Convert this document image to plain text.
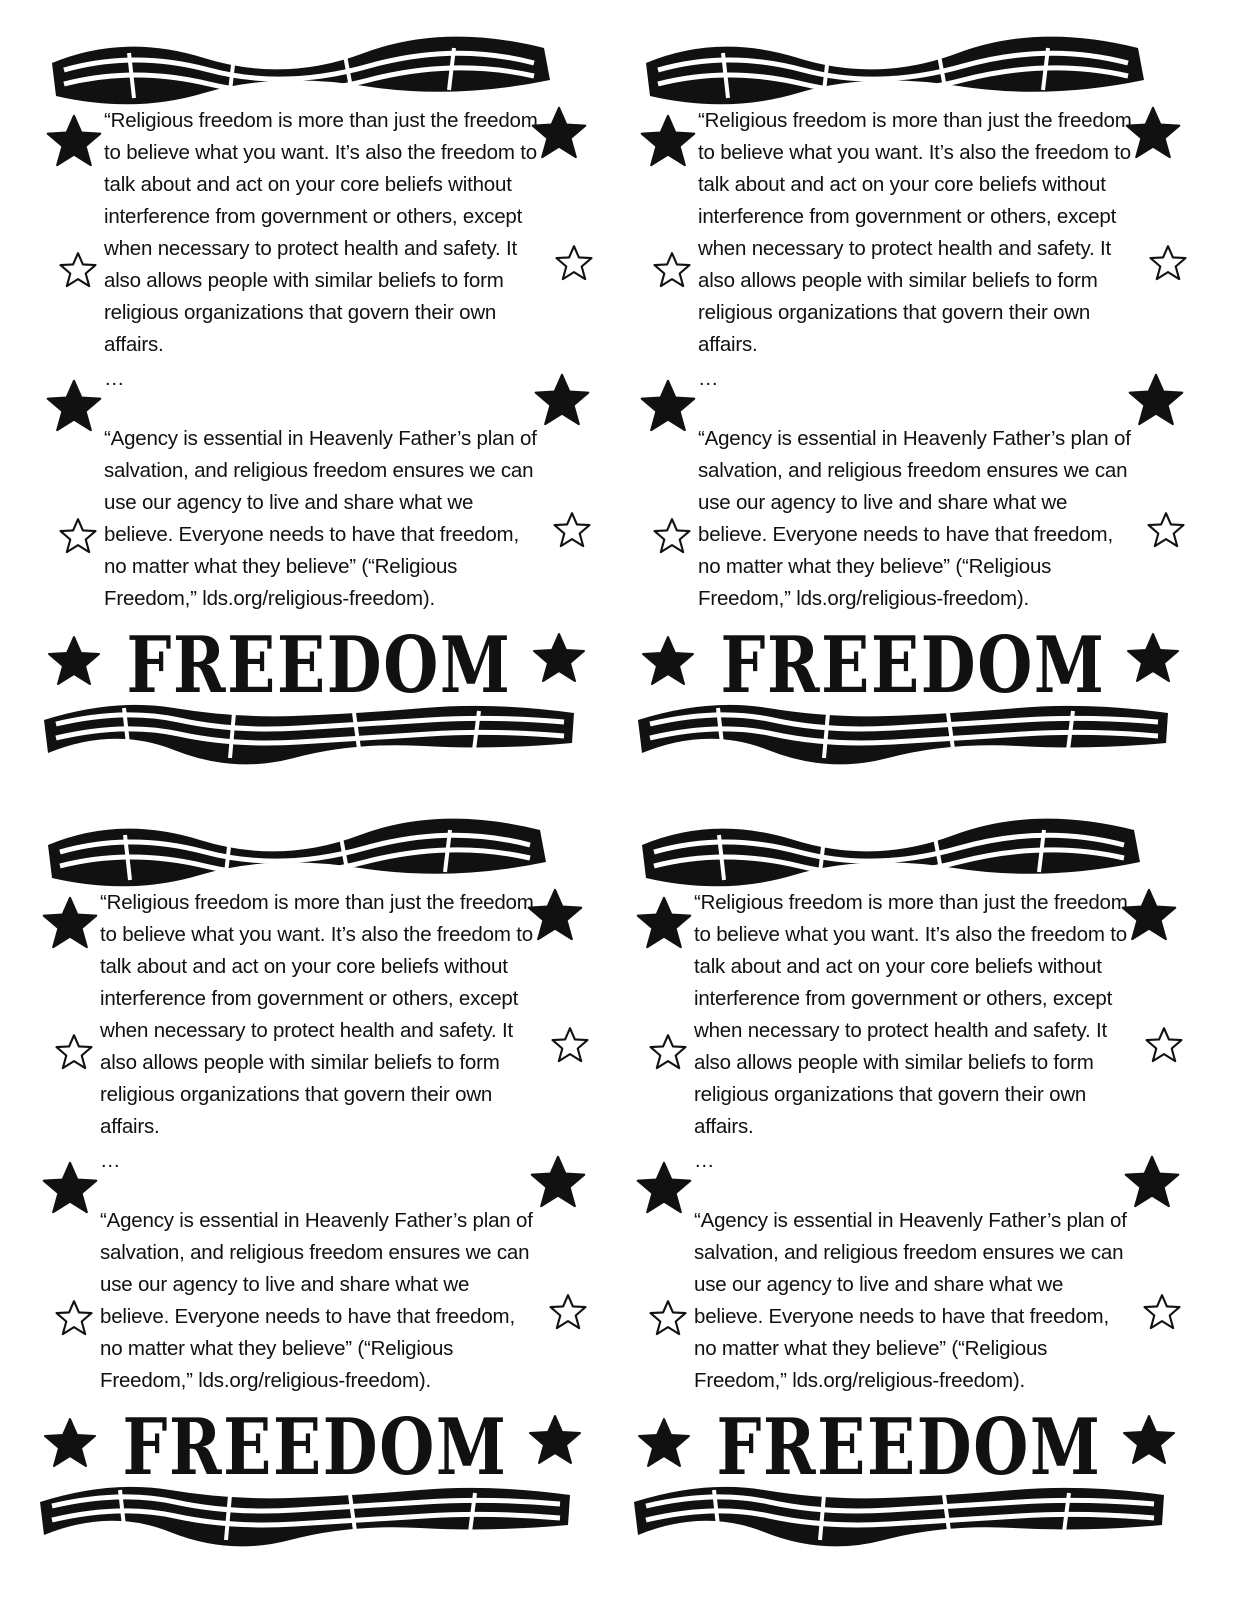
“Religious freedom is more than just the freedom to believe what you want. It’s also the freedom to talk about and act on your core beliefs without interference from government or others, except when necessary to protect health and safety. It also allows people with similar beliefs to form religious organizations that govern their own affairs.

…

“Agency is essential in Heavenly Father’s plan of salvation, and religious freedom ensures we can use our agency to live and share what we believe. Everyone needs to have that freedom, no matter what they believe” (“Religious Freedom,” lds.org/religious-freedom).

FREEDOM

“Religious freedom is more than just the freedom to believe what you want. It’s also the freedom to talk about and act on your core beliefs without interference from government or others, except when necessary to protect health and safety. It also allows people with similar beliefs to form religious organizations that govern their own affairs.

…

“Agency is essential in Heavenly Father’s plan of salvation, and religious freedom ensures we can use our agency to live and share what we believe. Everyone needs to have that freedom, no matter what they believe” (“Religious Freedom,” lds.org/religious-freedom).

FREEDOM

“Religious freedom is more than just the freedom to believe what you want. It’s also the freedom to talk about and act on your core beliefs without interference from government or others, except when necessary to protect health and safety. It also allows people with similar beliefs to form religious organizations that govern their own affairs.

…

“Agency is essential in Heavenly Father’s plan of salvation, and religious freedom ensures we can use our agency to live and share what we believe. Everyone needs to have that freedom, no matter what they believe” (“Religious Freedom,” lds.org/religious-freedom).

FREEDOM

“Religious freedom is more than just the freedom to believe what you want. It’s also the freedom to talk about and act on your core beliefs without interference from government or others, except when necessary to protect health and safety. It also allows people with similar beliefs to form religious organizations that govern their own affairs.

…

“Agency is essential in Heavenly Father’s plan of salvation, and religious freedom ensures we can use our agency to live and share what we believe. Everyone needs to have that freedom, no matter what they believe” (“Religious Freedom,” lds.org/religious-freedom).

FREEDOM
